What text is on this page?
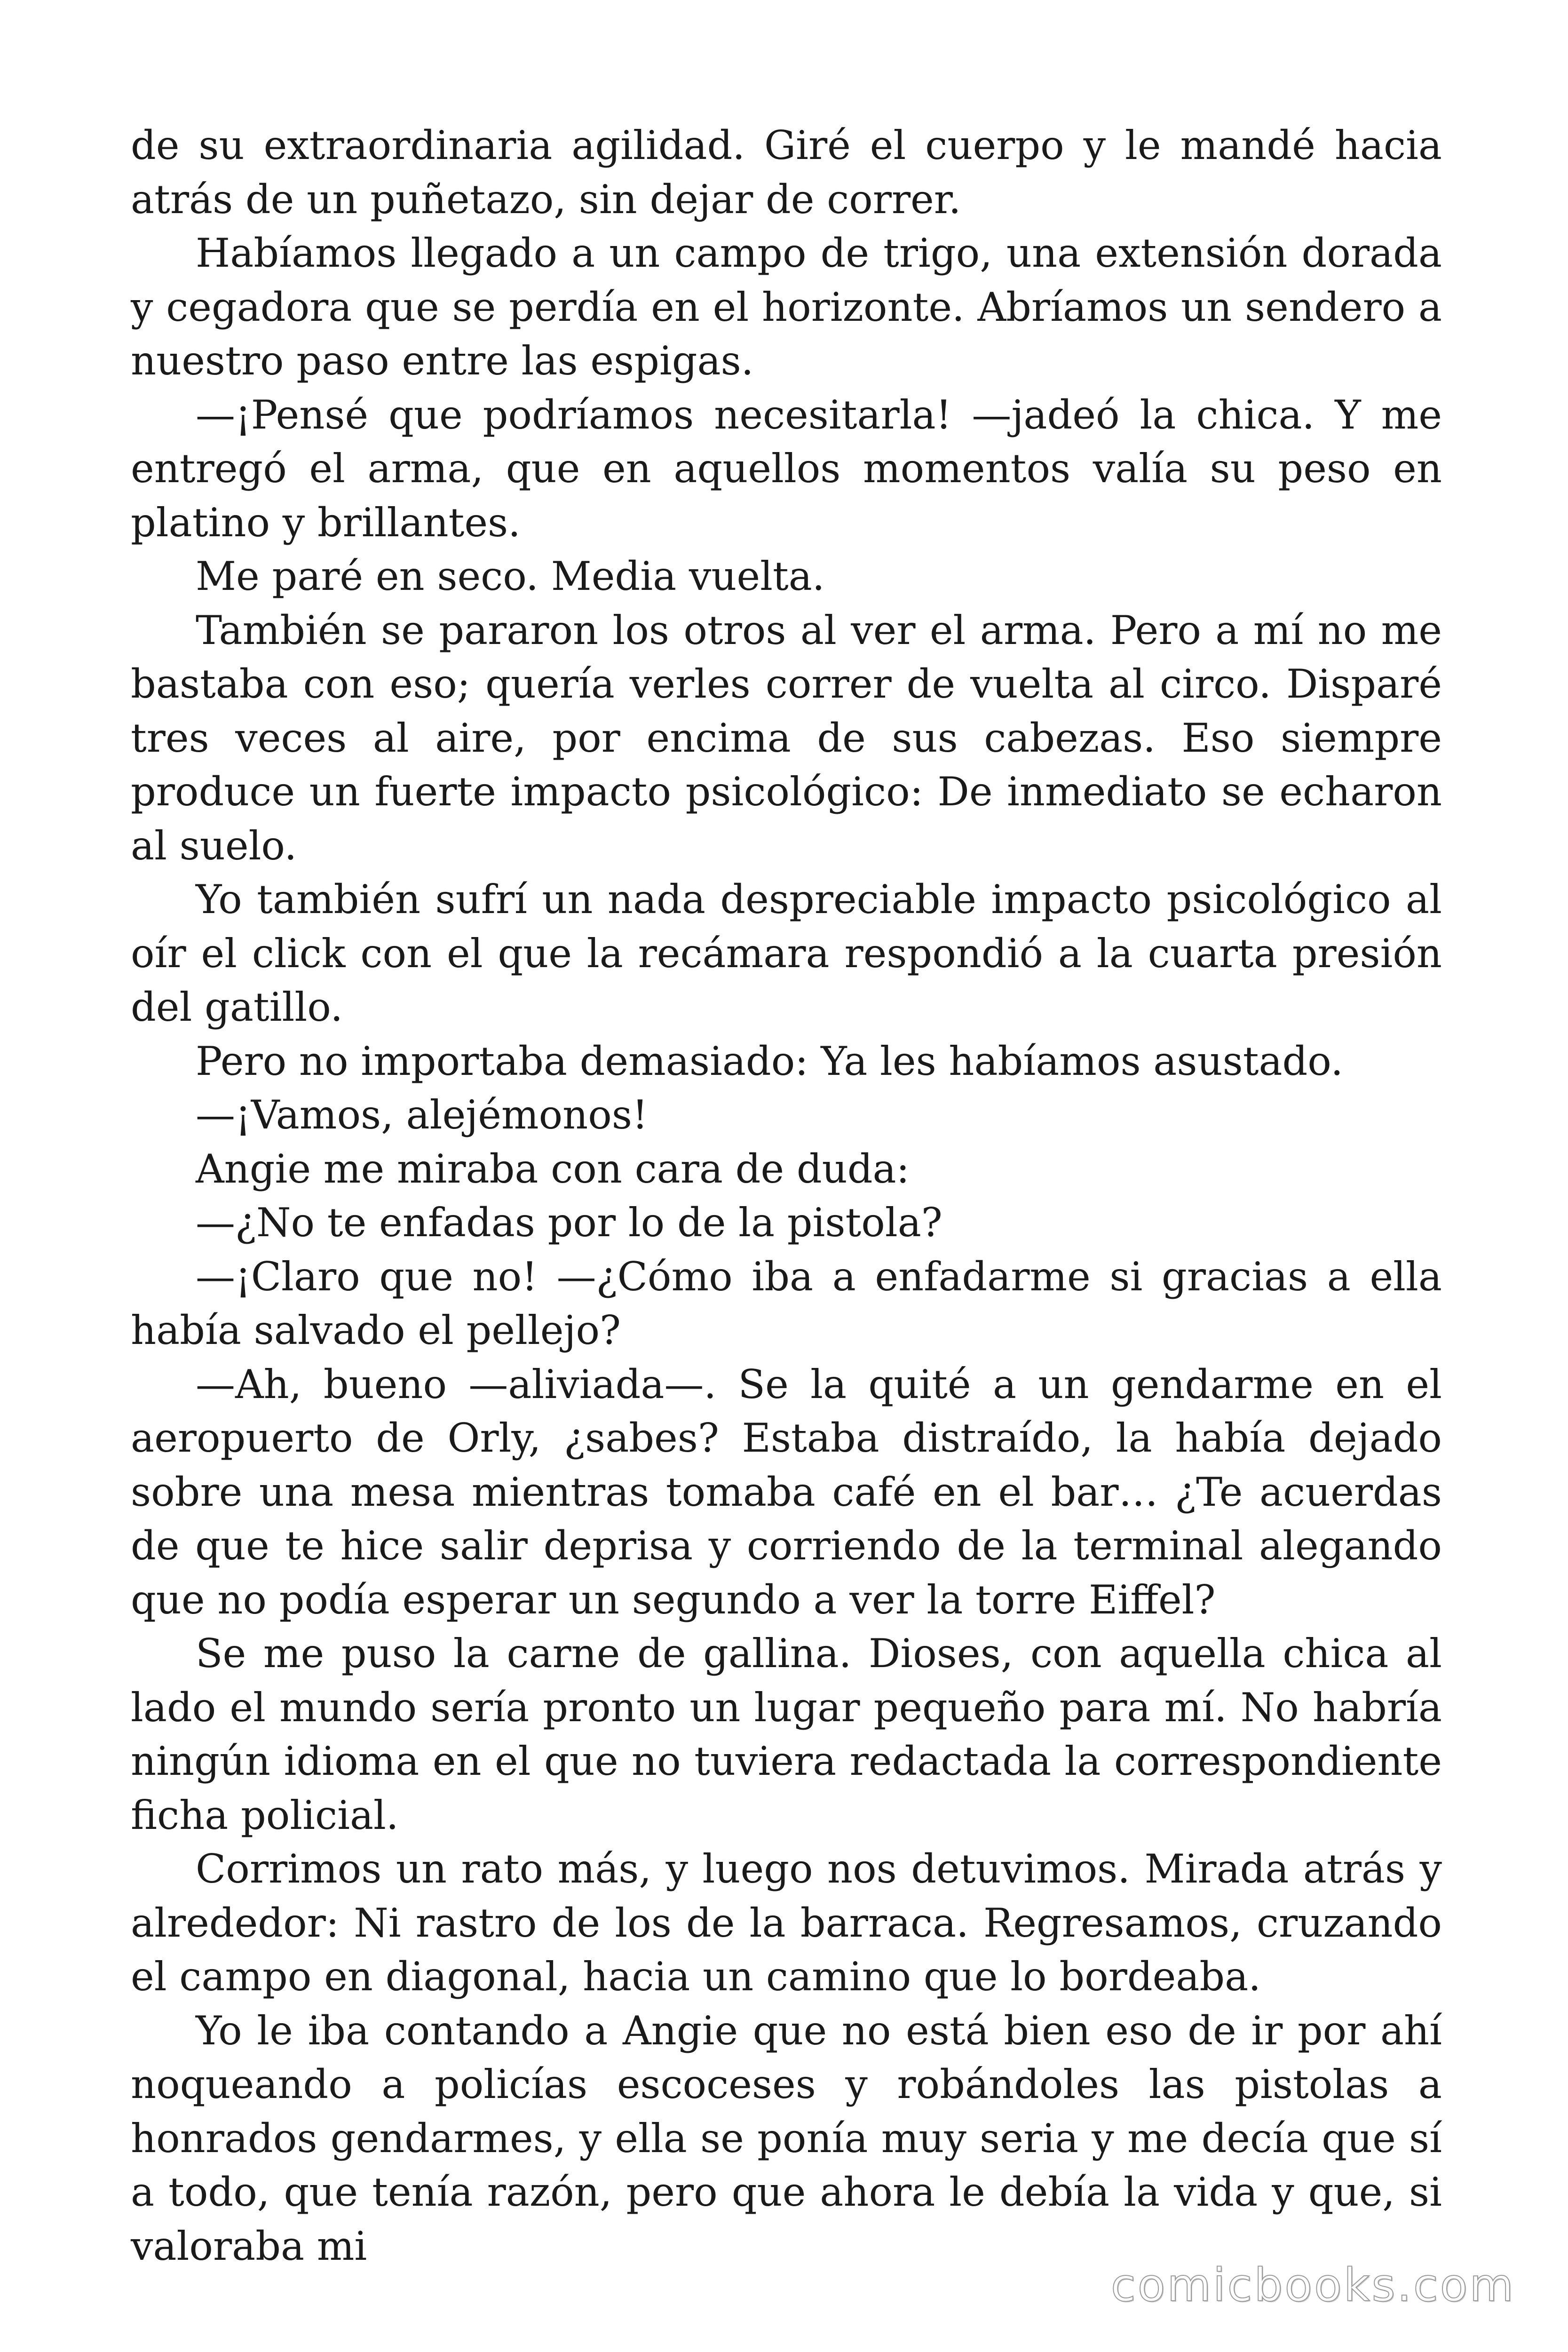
de su extraordinaria agilidad. Giré el cuerpo y le mandé hacia atrás de un puñetazo, sin dejar de correr.

Habíamos llegado a un campo de trigo, una extensión dorada y cegadora que se perdía en el horizonte. Abríamos un sendero a nuestro paso entre las espigas.

—¡Pensé que podríamos necesitarla! —jadeó la chica. Y me entregó el arma, que en aquellos momentos valía su peso en platino y brillantes.

Me paré en seco. Media vuelta.

También se pararon los otros al ver el arma. Pero a mí no me bastaba con eso; quería verles correr de vuelta al circo. Disparé tres veces al aire, por encima de sus cabezas. Eso siempre produce un fuerte impacto psicológico: De inmediato se echaron al suelo.

Yo también sufrí un nada despreciable impacto psicológico al oír el click con el que la recámara respondió a la cuarta presión del gatillo.

Pero no importaba demasiado: Ya les habíamos asustado.

—¡Vamos, alejémonos!

Angie me miraba con cara de duda:

—¿No te enfadas por lo de la pistola?

—¡Claro que no! —¿Cómo iba a enfadarme si gracias a ella había salvado el pellejo?

—Ah, bueno —aliviada—. Se la quité a un gendarme en el aeropuerto de Orly, ¿sabes? Estaba distraído, la había dejado sobre una mesa mientras tomaba café en el bar… ¿Te acuerdas de que te hice salir deprisa y corriendo de la terminal alegando que no podía esperar un segundo a ver la torre Eiffel?

Se me puso la carne de gallina. Dioses, con aquella chica al lado el mundo sería pronto un lugar pequeño para mí. No habría ningún idioma en el que no tuviera redactada la correspondiente ficha policial.

Corrimos un rato más, y luego nos detuvimos. Mirada atrás y alrededor: Ni rastro de los de la barraca. Regresamos, cruzando el campo en diagonal, hacia un camino que lo bordeaba.

Yo le iba contando a Angie que no está bien eso de ir por ahí noqueando a policías escoceses y robándoles las pistolas a honrados gendarmes, y ella se ponía muy seria y me decía que sí a todo, que tenía razón, pero que ahora le debía la vida y que, si valoraba mi

comicbooks.com
